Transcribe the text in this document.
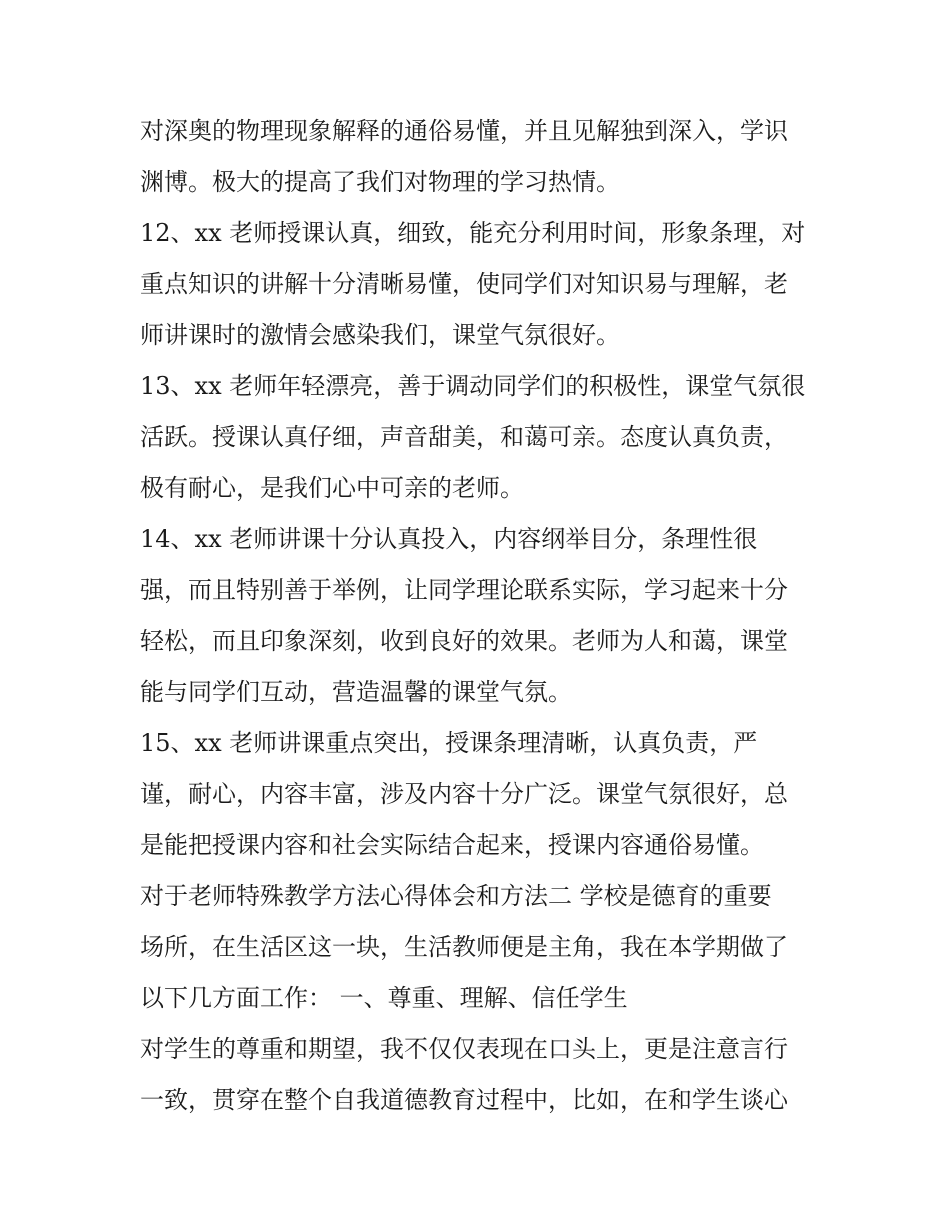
对深奥的物理现象解释的通俗易懂，并且见解独到深入，学识
渊博。极大的提高了我们对物理的学习热情。
12、xx 老师授课认真，细致，能充分利用时间，形象条理，对
重点知识的讲解十分清晰易懂，使同学们对知识易与理解，老
师讲课时的激情会感染我们，课堂气氛很好。
13、xx 老师年轻漂亮，善于调动同学们的积极性，课堂气氛很
活跃。授课认真仔细，声音甜美，和蔼可亲。态度认真负责，
极有耐心，是我们心中可亲的老师。
14、xx 老师讲课十分认真投入，内容纲举目分，条理性很
强，而且特别善于举例，让同学理论联系实际，学习起来十分
轻松，而且印象深刻，收到良好的效果。老师为人和蔼，课堂
能与同学们互动，营造温馨的课堂气氛。
15、xx 老师讲课重点突出，授课条理清晰，认真负责，严
谨，耐心，内容丰富，涉及内容十分广泛。课堂气氛很好，总
是能把授课内容和社会实际结合起来，授课内容通俗易懂。
对于老师特殊教学方法心得体会和方法二 学校是德育的重要
场所，在生活区这一块，生活教师便是主角，我在本学期做了
以下几方面工作： 一、尊重、理解、信任学生
对学生的尊重和期望，我不仅仅表现在口头上，更是注意言行
一致，贯穿在整个自我道德教育过程中，比如，在和学生谈心
